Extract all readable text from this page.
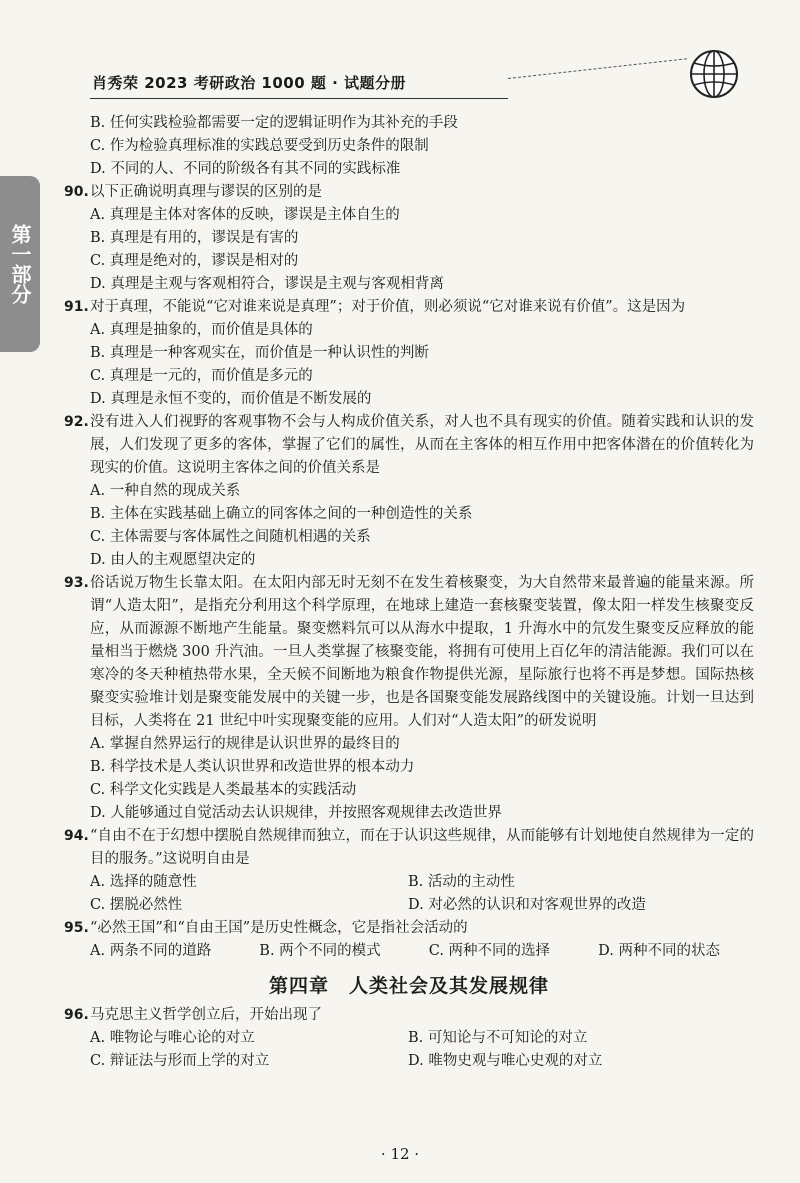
肖秀荣 2023 考研政治 1000 题 · 试题分册
第一部分
B. 任何实践检验都需要一定的逻辑证明作为其补充的手段
C. 作为检验真理标准的实践总要受到历史条件的限制
D. 不同的人、不同的阶级各有其不同的实践标准
90. 以下正确说明真理与谬误的区别的是
A. 真理是主体对客体的反映，谬误是主体自生的
B. 真理是有用的，谬误是有害的
C. 真理是绝对的，谬误是相对的
D. 真理是主观与客观相符合，谬误是主观与客观相背离
91. 对于真理，不能说“它对谁来说是真理”；对于价值，则必须说“它对谁来说有价值”。这是因为
A. 真理是抽象的，而价值是具体的
B. 真理是一种客观实在，而价值是一种认识性的判断
C. 真理是一元的，而价值是多元的
D. 真理是永恒不变的，而价值是不断发展的
92. 没有进入人们视野的客观事物不会与人构成价值关系，对人也不具有现实的价值。随着实践和认识的发展，人们发现了更多的客体，掌握了它们的属性，从而在主客体的相互作用中把客体潜在的价值转化为现实的价值。这说明主客体之间的价值关系是
A. 一种自然的现成关系
B. 主体在实践基础上确立的同客体之间的一种创造性的关系
C. 主体需要与客体属性之间随机相遇的关系
D. 由人的主观愿望决定的
93. 俗话说万物生长靠太阳。在太阳内部无时无刻不在发生着核聚变，为大自然带来最普遍的能量来源。所谓“人造太阳”，是指充分利用这个科学原理，在地球上建造一套核聚变装置，像太阳一样发生核聚变反应，从而源源不断地产生能量。聚变燃料氘可以从海水中提取，1 升海水中的氘发生聚变反应释放的能量相当于燃烧 300 升汽油。一旦人类掌握了核聚变能，将拥有可使用上百亿年的清洁能源。我们可以在寒冷的冬天种植热带水果，全天候不间断地为粮食作物提供光源，星际旅行也将不再是梦想。国际热核聚变实验堆计划是聚变能发展中的关键一步，也是各国聚变能发展路线图中的关键设施。计划一旦达到目标，人类将在 21 世纪中叶实现聚变能的应用。人们对“人造太阳”的研发说明
A. 掌握自然界运行的规律是认识世界的最终目的
B. 科学技术是人类认识世界和改造世界的根本动力
C. 科学文化实践是人类最基本的实践活动
D. 人能够通过自觉活动去认识规律，并按照客观规律去改造世界
94. “自由不在于幻想中摆脱自然规律而独立，而在于认识这些规律，从而能够有计划地使自然规律为一定的目的服务。”这说明自由是
A. 选择的随意性	B. 活动的主动性
C. 摆脱必然性	D. 对必然的认识和对客观世界的改造
95. “必然王国”和“自由王国”是历史性概念，它是指社会活动的
A. 两条不同的道路	B. 两个不同的模式	C. 两种不同的选择	D. 两种不同的状态
第四章　人类社会及其发展规律
96. 马克思主义哲学创立后，开始出现了
A. 唯物论与唯心论的对立	B. 可知论与不可知论的对立
C. 辩证法与形而上学的对立	D. 唯物史观与唯心史观的对立
· 12 ·
